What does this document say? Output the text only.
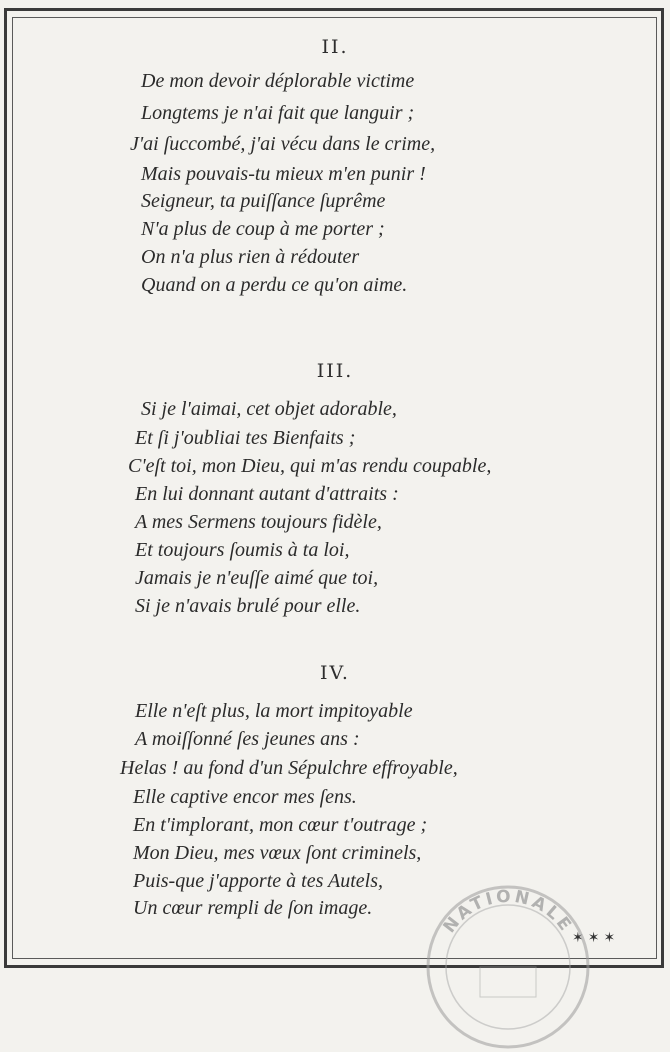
II.
De mon devoir déplorable victime
Longtems je n'ai fait que languir ;
J'ai ſuccombé, j'ai vécu dans le crime,
Mais pouvais-tu mieux m'en punir !
Seigneur, ta puiſſance ſuprême
N'a plus de coup à me porter ;
On n'a plus rien à rédouter
Quand on a perdu ce qu'on aime.
III.
Si je l'aimai, cet objet adorable,
Et ſi j'oubliai tes Bienfaits ;
C'eſt toi, mon Dieu, qui m'as rendu coupable,
En lui donnant autant d'attraits :
A mes Sermens toujours fidèle,
Et toujours ſoumis à ta loi,
Jamais je n'euſſe aimé que toi,
Si je n'avais brulé pour elle.
IV.
Elle n'eſt plus, la mort impitoyable
A moiſſonné ſes jeunes ans :
Helas ! au fond d'un Sépulchre effroyable,
Elle captive encor mes ſens.
En t'implorant, mon cœur t'outrage ;
Mon Dieu, mes vœux ſont criminels,
Puis-que j'apporte à tes Autels,
Un cœur rempli de ſon image.
✶✶✶
NATIONALE
